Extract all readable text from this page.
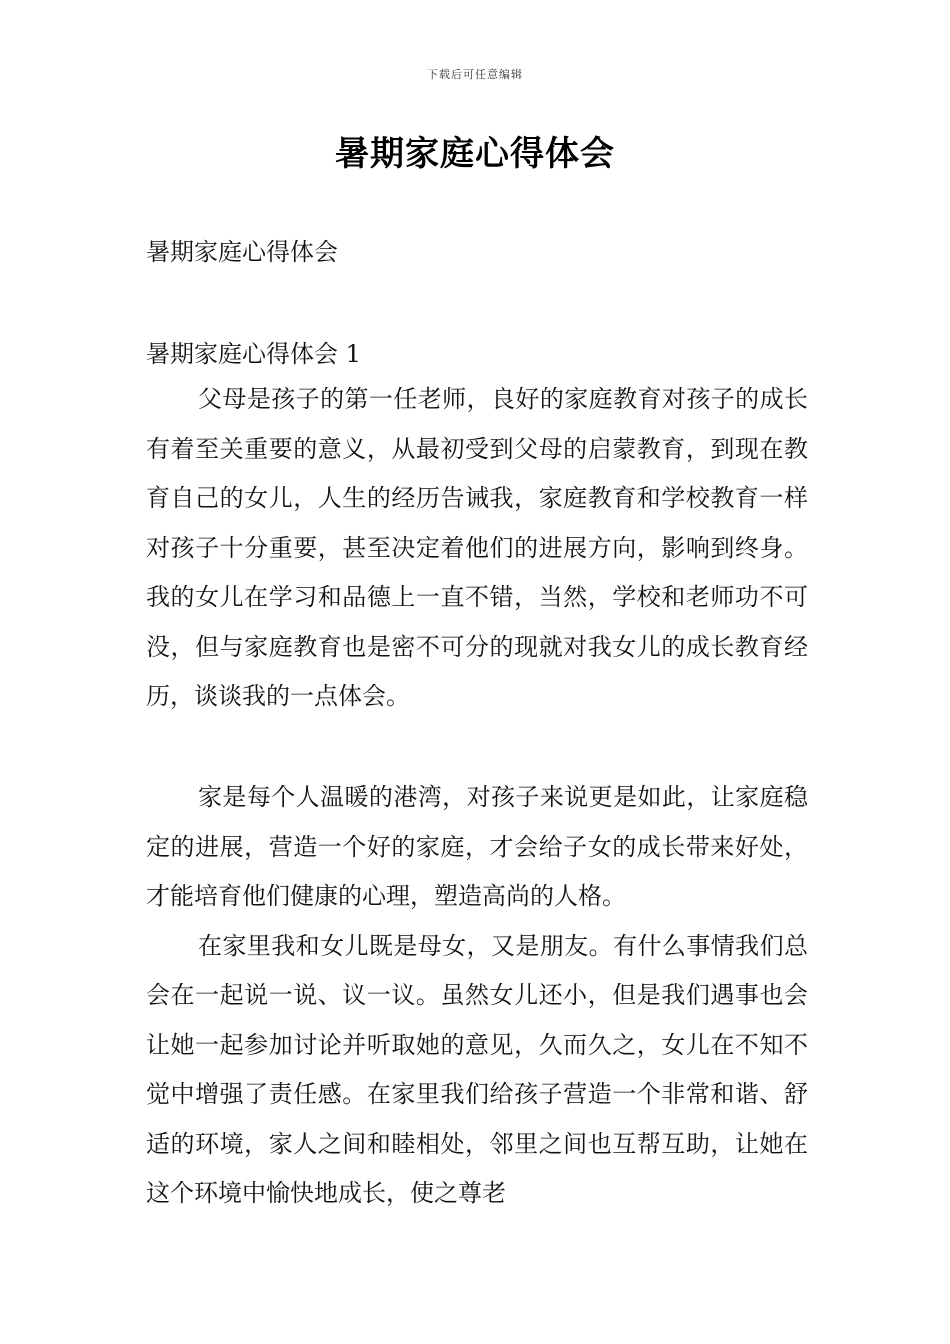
下载后可任意编辑
暑期家庭心得体会
暑期家庭心得体会
暑期家庭心得体会 1

父母是孩子的第一任老师，良好的家庭教育对孩子的成长有着至关重要的意义，从最初受到父母的启蒙教育，到现在教育自己的女儿，人生的经历告诫我，家庭教育和学校教育一样对孩子十分重要，甚至决定着他们的进展方向，影响到终身。我的女儿在学习和品德上一直不错，当然，学校和老师功不可没，但与家庭教育也是密不可分的现就对我女儿的成长教育经历，谈谈我的一点体会。

家是每个人温暖的港湾，对孩子来说更是如此，让家庭稳定的进展，营造一个好的家庭，才会给子女的成长带来好处，才能培育他们健康的心理，塑造高尚的人格。

在家里我和女儿既是母女，又是朋友。有什么事情我们总会在一起说一说、议一议。虽然女儿还小，但是我们遇事也会让她一起参加讨论并听取她的意见，久而久之，女儿在不知不觉中增强了责任感。在家里我们给孩子营造一个非常和谐、舒适的环境，家人之间和睦相处，邻里之间也互帮互助，让她在这个环境中愉快地成长，使之尊老
